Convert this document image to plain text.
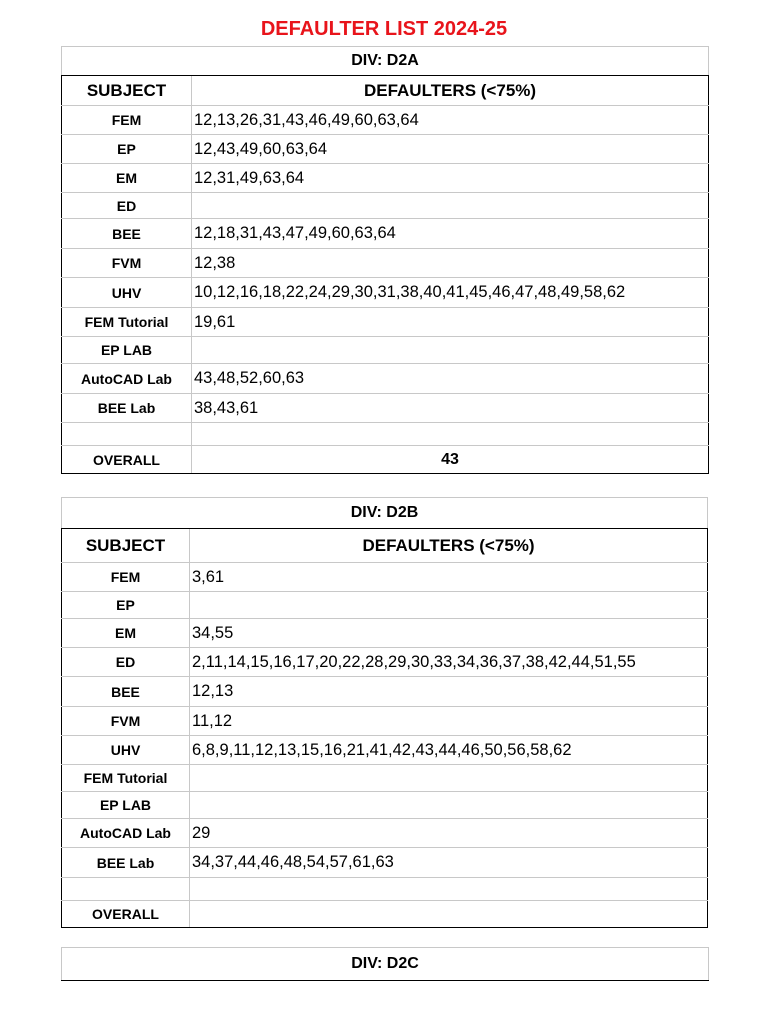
DEFAULTER LIST 2024-25
DIV: D2A	
SUBJECT	DEFAULTERS (<75%)
FEM	12,13,26,31,43,46,49,60,63,64
EP	12,43,49,60,63,64
EM	12,31,49,63,64
ED	
BEE	12,18,31,43,47,49,60,63,64
FVM	12,38
UHV	10,12,16,18,22,24,29,30,31,38,40,41,45,46,47,48,49,58,62
FEM Tutorial	19,61
EP LAB	
AutoCAD Lab	43,48,52,60,63
BEE Lab	38,43,61

OVERALL	43
DIV: D2B	
SUBJECT	DEFAULTERS (<75%)
FEM	3,61
EP	
EM	34,55
ED	2,11,14,15,16,17,20,22,28,29,30,33,34,36,37,38,42,44,51,55
BEE	12,13
FVM	11,12
UHV	6,8,9,11,12,13,15,16,21,41,42,43,44,46,50,56,58,62
FEM Tutorial	
EP LAB	
AutoCAD Lab	29
BEE Lab	34,37,44,46,48,54,57,61,63

OVERALL	
DIV: D2C
